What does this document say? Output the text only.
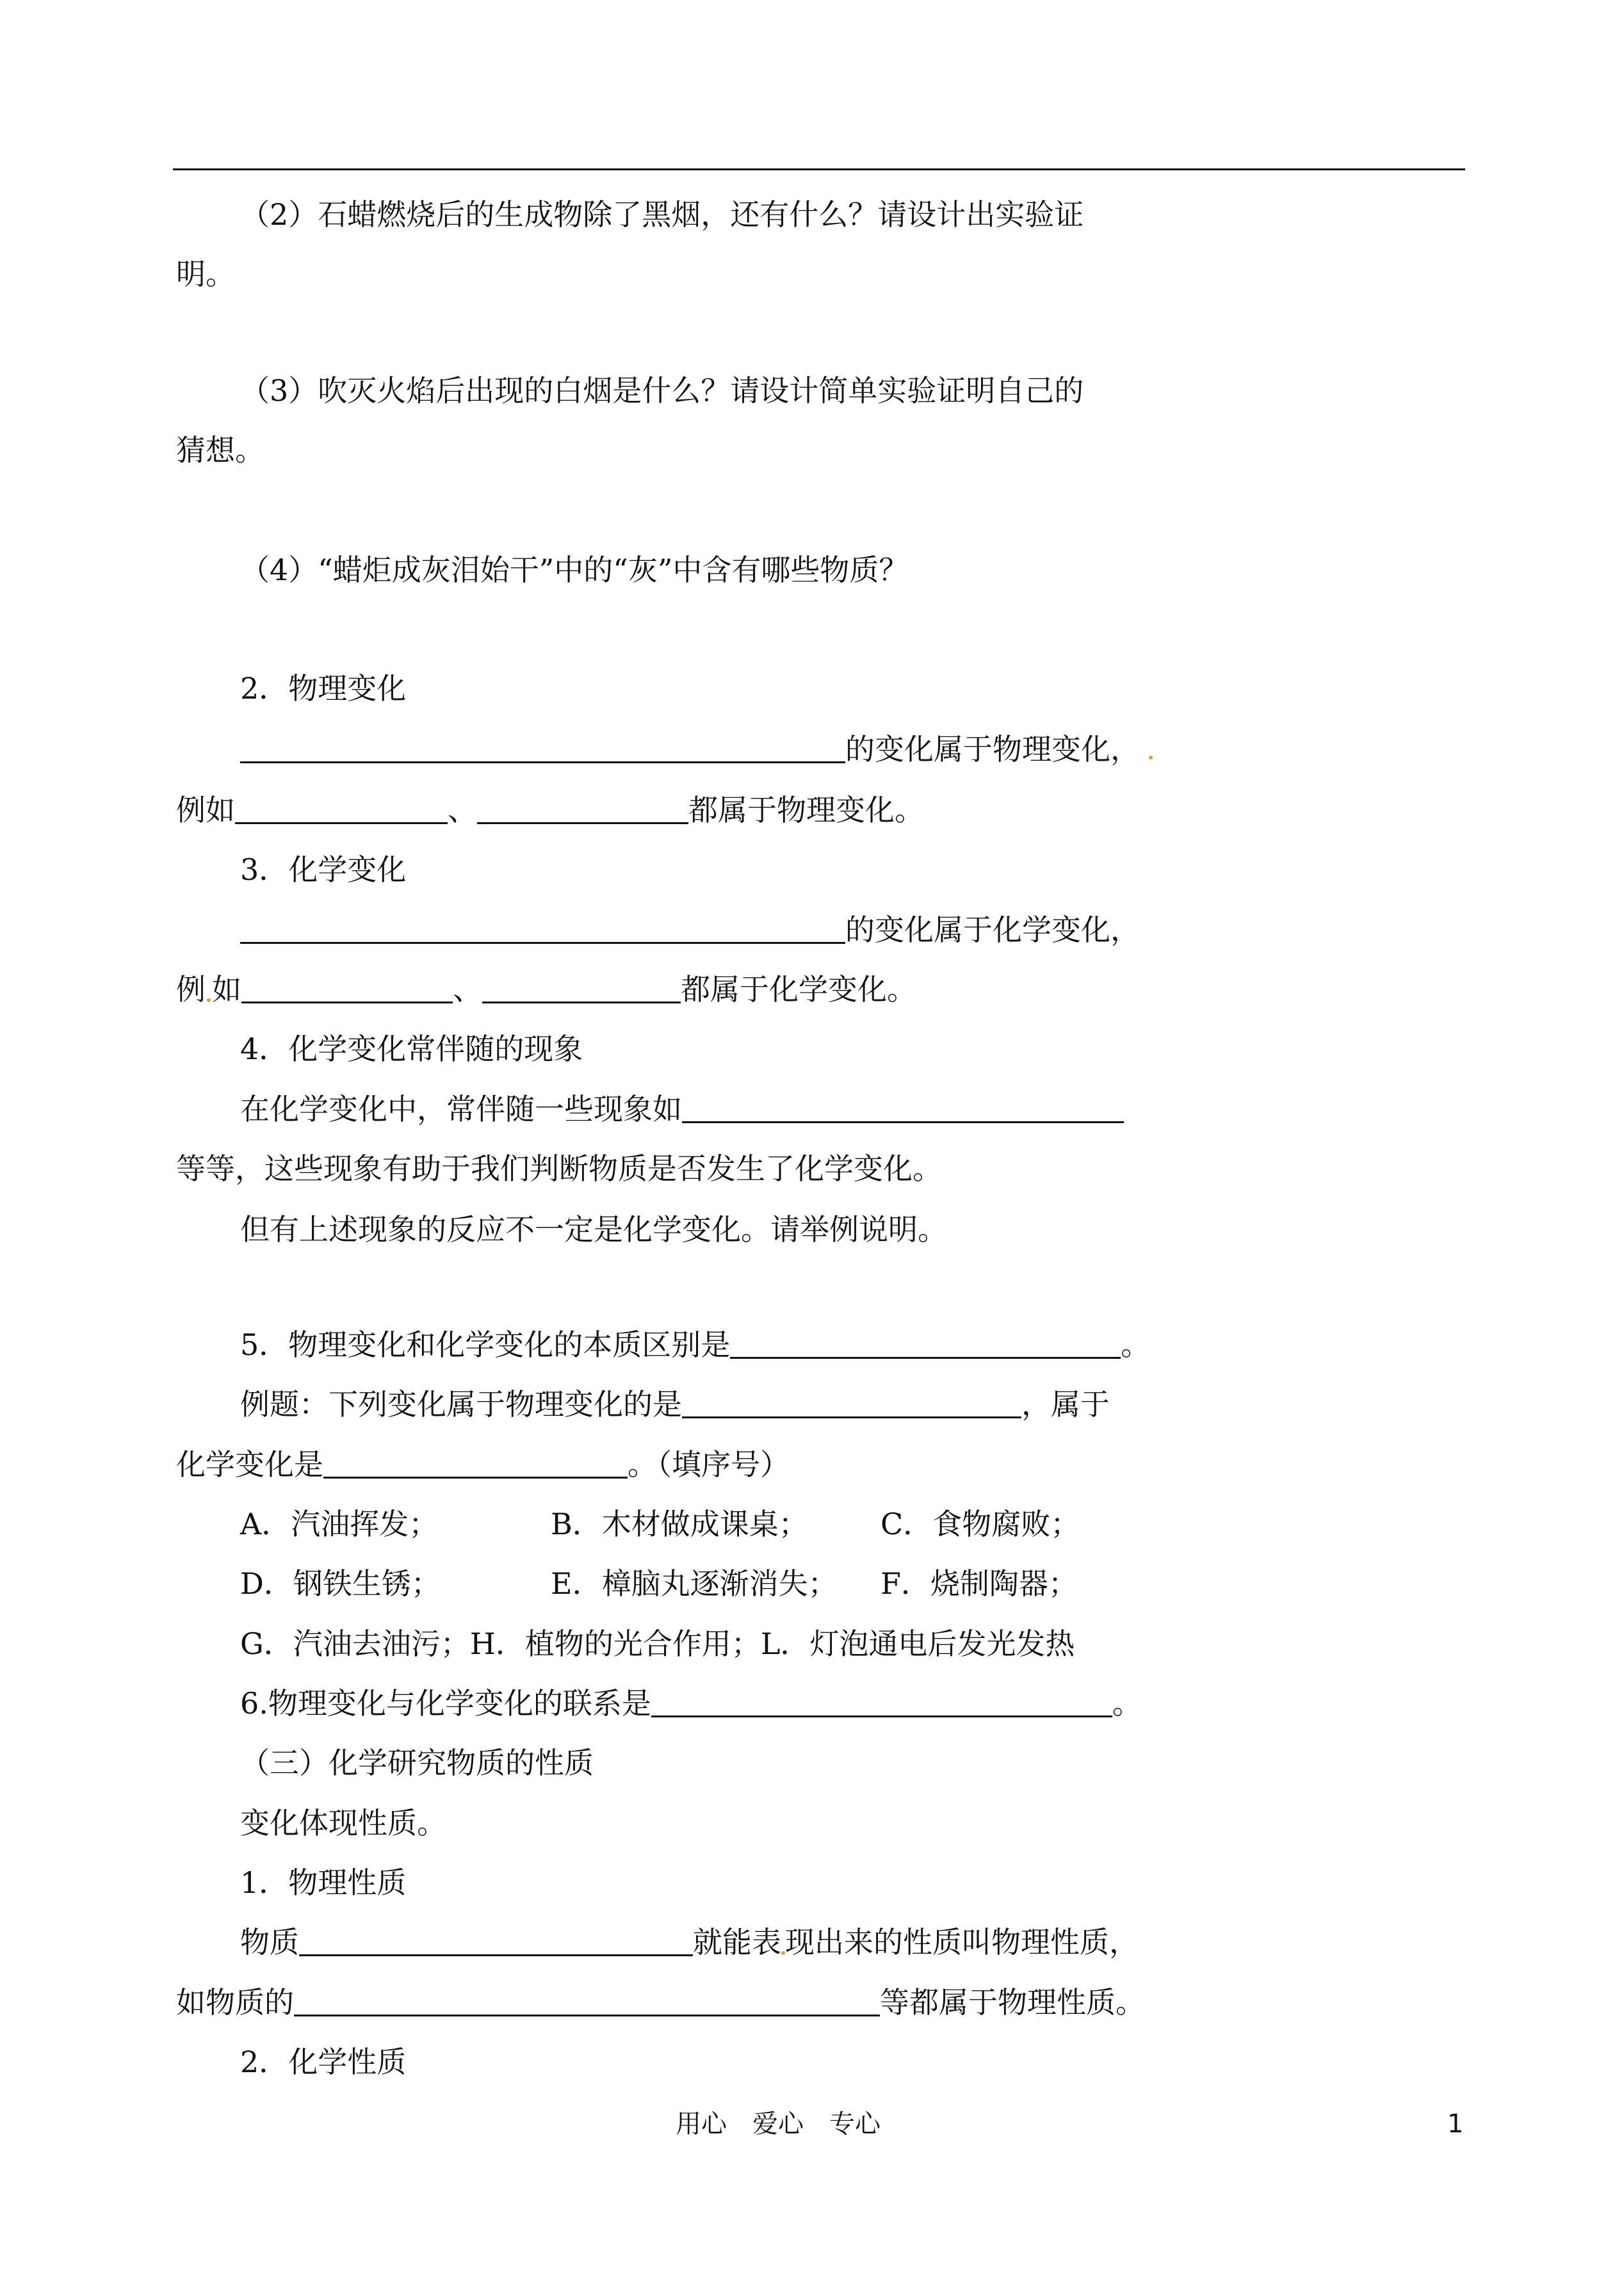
（2）石蜡燃烧后的生成物除了黑烟，还有什么？请设计出实验证
明。
（3）吹灭火焰后出现的白烟是什么？请设计简单实验证明自己的
猜想。
（4）“蜡炬成灰泪始干”中的“灰”中含有哪些物质？
2．物理变化
的变化属于物理变化，
例如	、	都属于物理变化。
3．化学变化
的变化属于化学变化，
例 如	、	都属于化学变化。
4．化学变化常伴随的现象
在化学变化中，常伴随一些现象如
等等，这些现象有助于我们判断物质是否发生了化学变化。
但有上述现象的反应不一定是化学变化。请举例说明。
5．物理变化和化学变化的本质区别是	。
例题：下列变化属于物理变化的是	，属于
化学变化是	。（填序号）
A．汽油挥发；	B．木材做成课桌； C．食物腐败；
D．钢铁生锈；	E．樟脑丸逐渐消失； F．烧制陶器；
G．汽油去油污；H．植物的光合作用；L．灯泡通电后发光发热
6.物理变化与化学变化的联系是	。
（三）化学研究物质的性质
变化体现性质。
1．物理性质
物质	就能表 现出来的性质叫物理性质，
如物质的	等都属于物理性质。
2．化学性质
用心　爱心　专心	1
